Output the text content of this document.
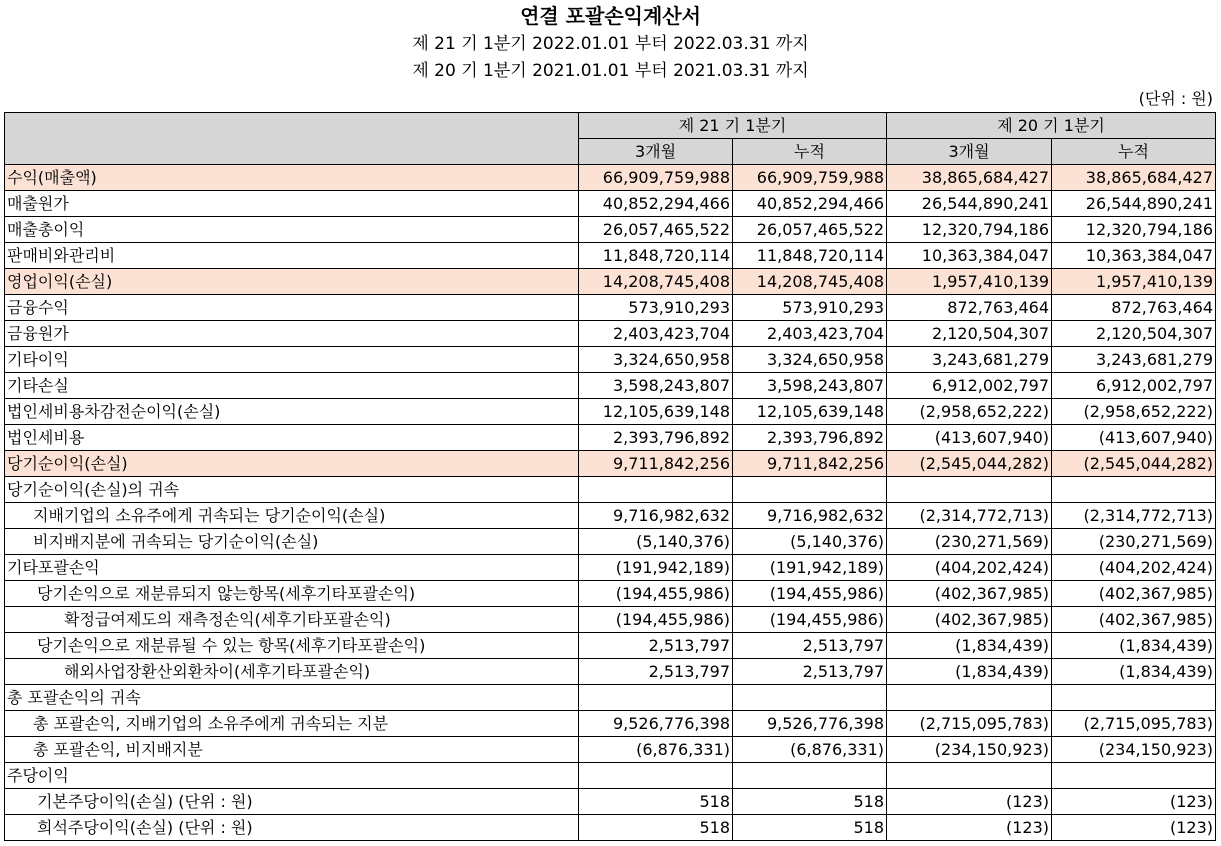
연결 포괄손익계산서
제 21 기 1분기 2022.01.01 부터 2022.03.31 까지
제 20 기 1분기 2021.01.01 부터 2021.03.31 까지
(단위 : 원)
	제 21 기 1분기		제 20 기 1분기	
	3개월	누적	3개월	누적
수익(매출액)	66,909,759,988	66,909,759,988	38,865,684,427	38,865,684,427
매출원가	40,852,294,466	40,852,294,466	26,544,890,241	26,544,890,241
매출총이익	26,057,465,522	26,057,465,522	12,320,794,186	12,320,794,186
판매비와관리비	11,848,720,114	11,848,720,114	10,363,384,047	10,363,384,047
영업이익(손실)	14,208,745,408	14,208,745,408	1,957,410,139	1,957,410,139
금융수익	573,910,293	573,910,293	872,763,464	872,763,464
금융원가	2,403,423,704	2,403,423,704	2,120,504,307	2,120,504,307
기타이익	3,324,650,958	3,324,650,958	3,243,681,279	3,243,681,279
기타손실	3,598,243,807	3,598,243,807	6,912,002,797	6,912,002,797
법인세비용차감전순이익(손실)	12,105,639,148	12,105,639,148	(2,958,652,222)	(2,958,652,222)
법인세비용	2,393,796,892	2,393,796,892	(413,607,940)	(413,607,940)
당기순이익(손실)	9,711,842,256	9,711,842,256	(2,545,044,282)	(2,545,044,282)
당기순이익(손실)의 귀속				
지배기업의 소유주에게 귀속되는 당기순이익(손실)	9,716,982,632	9,716,982,632	(2,314,772,713)	(2,314,772,713)
비지배지분에 귀속되는 당기순이익(손실)	(5,140,376)	(5,140,376)	(230,271,569)	(230,271,569)
기타포괄손익	(191,942,189)	(191,942,189)	(404,202,424)	(404,202,424)
당기손익으로 재분류되지 않는항목(세후기타포괄손익)	(194,455,986)	(194,455,986)	(402,367,985)	(402,367,985)
확정급여제도의 재측정손익(세후기타포괄손익)	(194,455,986)	(194,455,986)	(402,367,985)	(402,367,985)
당기손익으로 재분류될 수 있는 항목(세후기타포괄손익)	2,513,797	2,513,797	(1,834,439)	(1,834,439)
해외사업장환산외환차이(세후기타포괄손익)	2,513,797	2,513,797	(1,834,439)	(1,834,439)
총 포괄손익의 귀속				
총 포괄손익, 지배기업의 소유주에게 귀속되는 지분	9,526,776,398	9,526,776,398	(2,715,095,783)	(2,715,095,783)
총 포괄손익, 비지배지분	(6,876,331)	(6,876,331)	(234,150,923)	(234,150,923)
주당이익				
기본주당이익(손실) (단위 : 원)	518	518	(123)	(123)
희석주당이익(손실) (단위 : 원)	518	518	(123)	(123)
